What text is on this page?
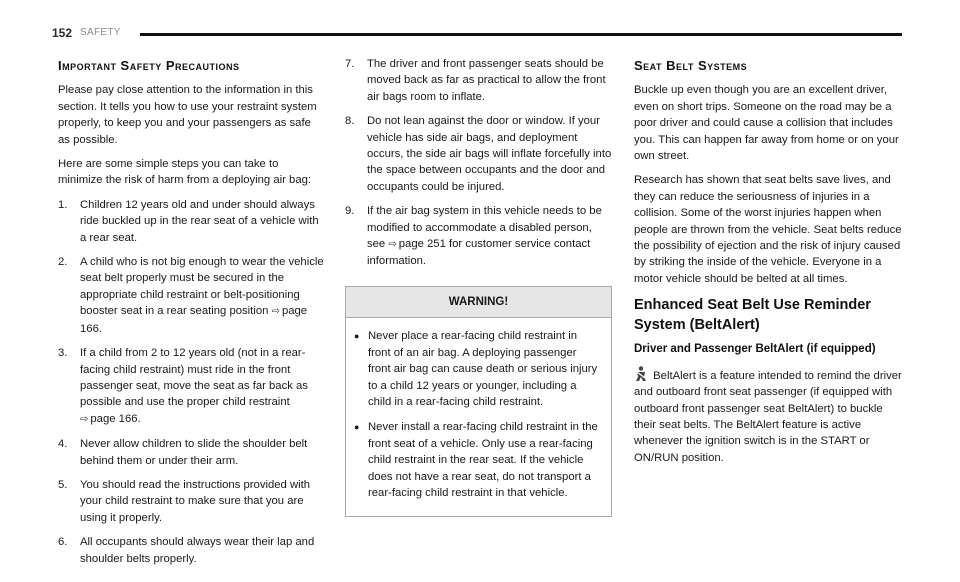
152 SAFETY
Important Safety Precautions

Please pay close attention to the information in this section. It tells you how to use your restraint system properly, to keep you and your passengers as safe as possible.

Here are some simple steps you can take to minimize the risk of harm from a deploying air bag:

1. Children 12 years old and under should always ride buckled up in the rear seat of a vehicle with a rear seat.
2. A child who is not big enough to wear the vehicle seat belt properly must be secured in the appropriate child restraint or belt-positioning booster seat in a rear seating position ⇨ page 166.
3. If a child from 2 to 12 years old (not in a rear-facing child restraint) must ride in the front passenger seat, move the seat as far back as possible and use the proper child restraint ⇨ page 166.
4. Never allow children to slide the shoulder belt behind them or under their arm.
5. You should read the instructions provided with your child restraint to make sure that you are using it properly.
6. All occupants should always wear their lap and shoulder belts properly.
7. The driver and front passenger seats should be moved back as far as practical to allow the front air bags room to inflate.
8. Do not lean against the door or window. If your vehicle has side air bags, and deployment occurs, the side air bags will inflate forcefully into the space between occupants and the door and occupants could be injured.
9. If the air bag system in this vehicle needs to be modified to accommodate a disabled person, see ⇨ page 251 for customer service contact information.
WARNING!
● Never place a rear-facing child restraint in front of an air bag. A deploying passenger front air bag can cause death or serious injury to a child 12 years or younger, including a child in a rear-facing child restraint.
● Never install a rear-facing child restraint in the front seat of a vehicle. Only use a rear-facing child restraint in the rear seat. If the vehicle does not have a rear seat, do not transport a rear-facing child restraint in that vehicle.
Seat Belt Systems

Buckle up even though you are an excellent driver, even on short trips. Someone on the road may be a poor driver and could cause a collision that includes you. This can happen far away from home or on your own street.

Research has shown that seat belts save lives, and they can reduce the seriousness of injuries in a collision. Some of the worst injuries happen when people are thrown from the vehicle. Seat belts reduce the possibility of ejection and the risk of injury caused by striking the inside of the vehicle. Everyone in a motor vehicle should be belted at all times.

Enhanced Seat Belt Use Reminder System (BeltAlert)
Driver and Passenger BeltAlert (if equipped)

BeltAlert is a feature intended to remind the driver and outboard front seat passenger (if equipped with outboard front passenger seat BeltAlert) to buckle their seat belts. The BeltAlert feature is active whenever the ignition switch is in the START or ON/RUN position.
